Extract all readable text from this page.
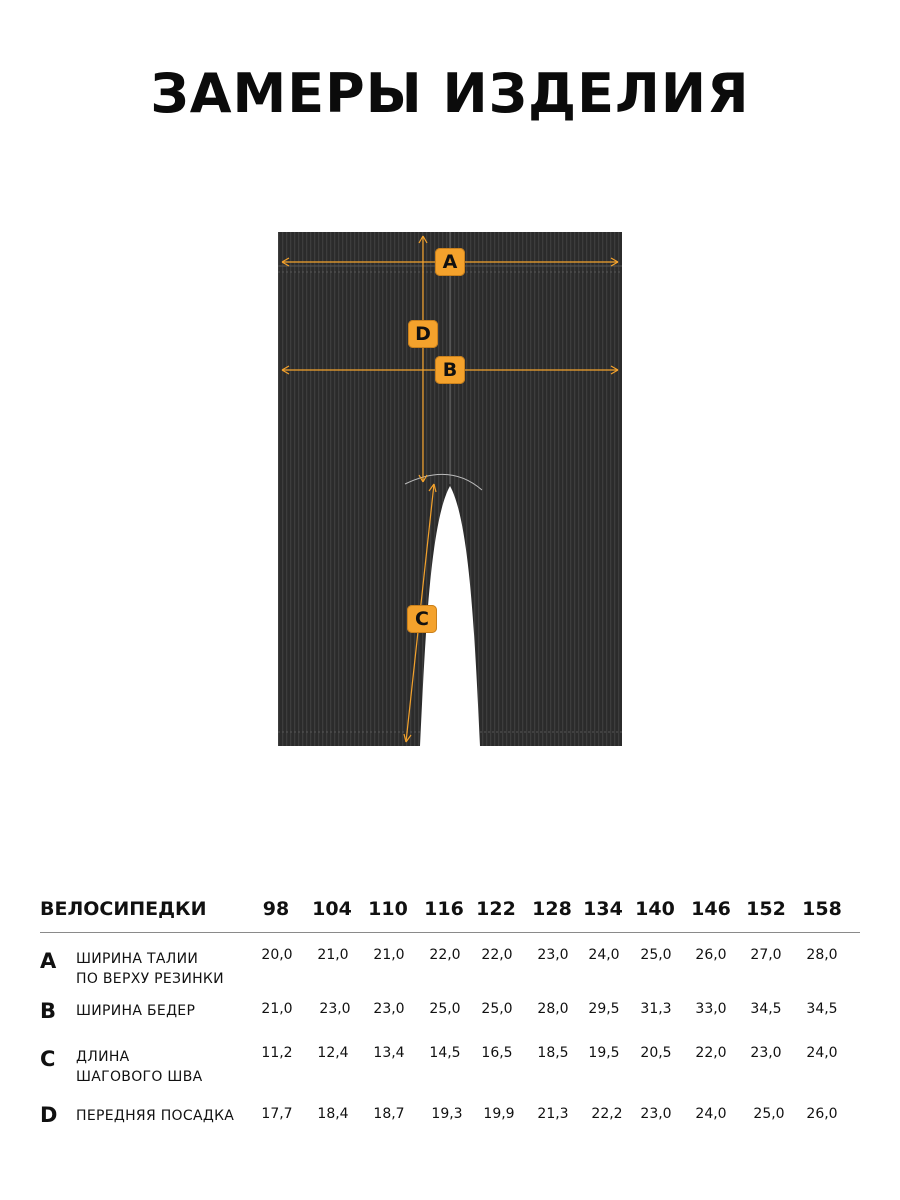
ЗАМЕРЫ ИЗДЕЛИЯ
A
D
B
C
ВЕЛОСИПЕДКИ	98	104 110 116 122 128 134 140 146 152 158
A ШИРИНА ТАЛИИ
ПО ВЕРХУ РЕЗИНКИ
20,0	21,0	21,0	22,0	22,0	23,0	24,0	25,0	26,0	27,0	28,0
B ШИРИНА БЕДЕР	21,0	23,0	23,0	25,0	25,0	28,0	29,5	31,3	33,0	34,5	34,5
C ДЛИНА
ШАГОВОГО ШВА
11,2	12,4	13,4	14,5	16,5	18,5	19,5	20,5	22,0	23,0	24,0
D ПЕРЕДНЯЯ ПОСАДКА	17,7	18,4	18,7	19,3	19,9	21,3	22,2	23,0	24,0	25,0	26,0
